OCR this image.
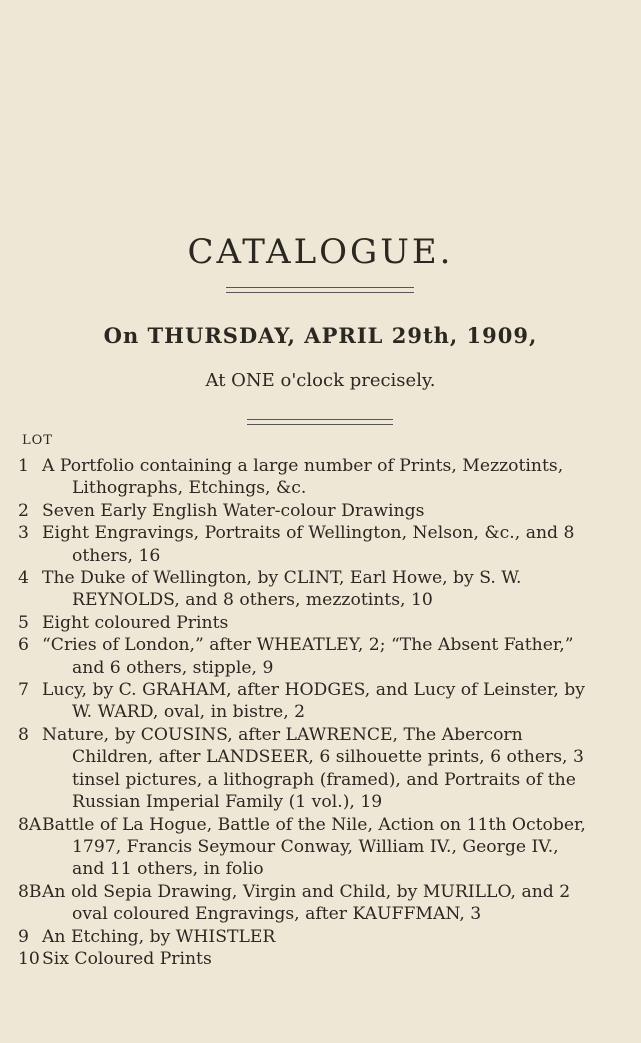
CATALOGUE.
On THURSDAY, APRIL 29th, 1909,
At ONE o'clock precisely.
LOT
1 A Portfolio containing a large number of Prints, Mezzotints, Lithographs, Etchings, &c.
2 Seven Early English Water-colour Drawings
3 Eight Engravings, Portraits of Wellington, Nelson, &c., and 8 others, 16
4 The Duke of Wellington, by CLINT, Earl Howe, by S. W. REYNOLDS, and 8 others, mezzotints, 10
5 Eight coloured Prints
6 “Cries of London,” after WHEATLEY, 2; “The Absent Father,” and 6 others, stipple, 9
7 Lucy, by C. GRAHAM, after HODGES, and Lucy of Leinster, by W. WARD, oval, in bistre, 2
8 Nature, by COUSINS, after LAWRENCE, The Abercorn Children, after LANDSEER, 6 silhouette prints, 6 others, 3 tinsel pictures, a lithograph (framed), and Portraits of the Russian Imperial Family (1 vol.), 19
8A Battle of La Hogue, Battle of the Nile, Action on 11th October, 1797, Francis Seymour Conway, William IV., George IV., and 11 others, in folio
8B An old Sepia Drawing, Virgin and Child, by MURILLO, and 2 oval coloured Engravings, after KAUFFMAN, 3
9 An Etching, by WHISTLER
10 Six Coloured Prints
